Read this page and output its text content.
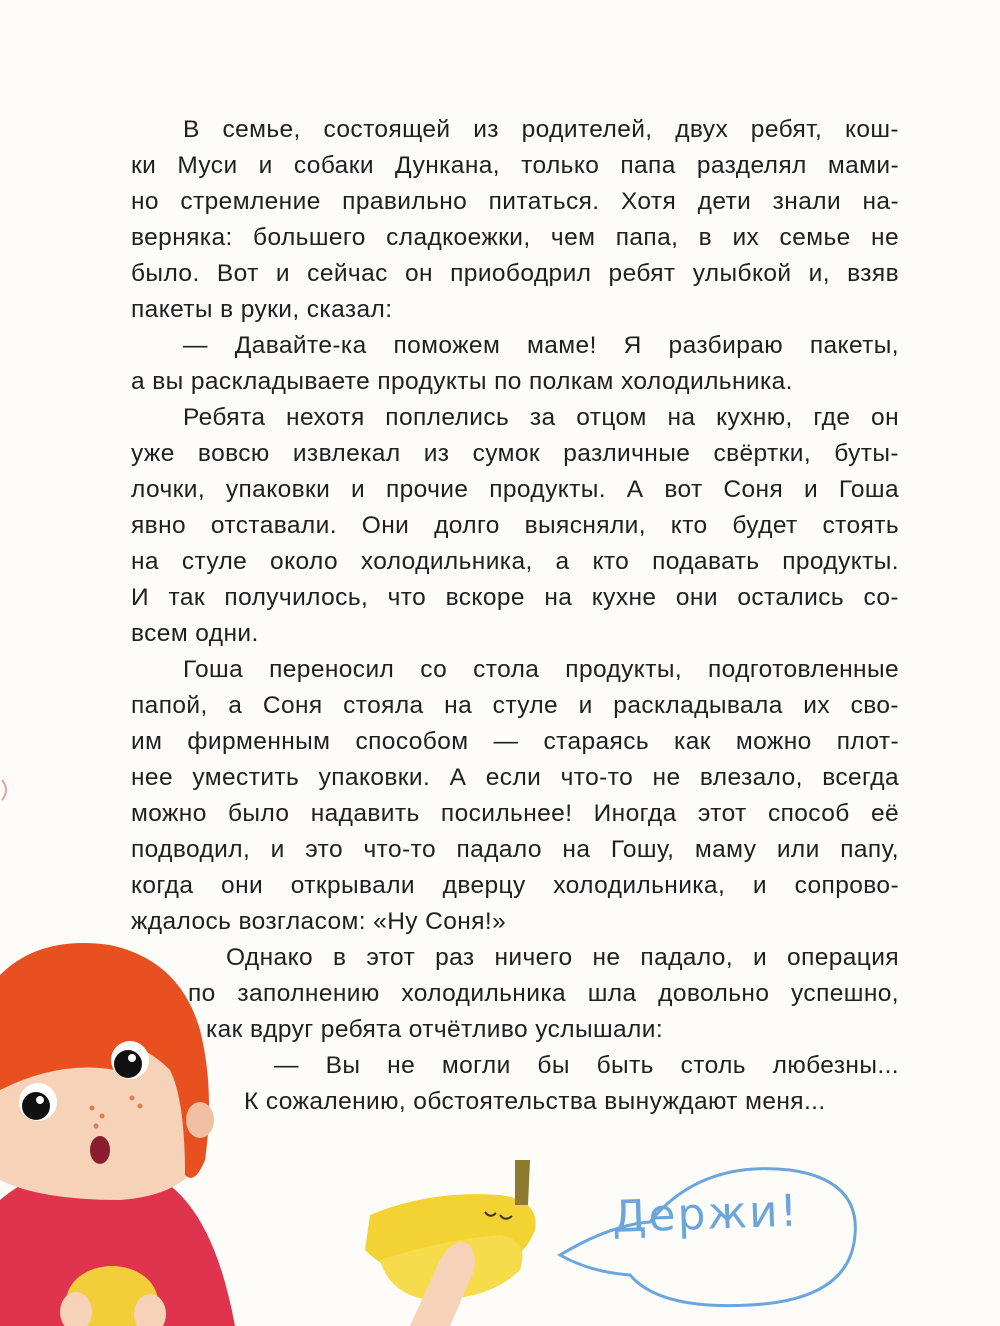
Держи!
В семье, состоящей из родителей, двух ребят, кош-
ки Муси и собаки Дункана, только папа разделял мами-
но стремление правильно питаться. Хотя дети знали на-
верняка: большего сладкоежки, чем папа, в их семье не
было. Вот и сейчас он приободрил ребят улыбкой и, взяв
пакеты в руки, сказал:
— Давайте-ка поможем маме! Я разбираю пакеты,
а вы раскладываете продукты по полкам холодильника.
Ребята нехотя поплелись за отцом на кухню, где он
уже вовсю извлекал из сумок различные свёртки, буты-
лочки, упаковки и прочие продукты. А вот Соня и Гоша
явно отставали. Они долго выясняли, кто будет стоять
на стуле около холодильника, а кто подавать продукты.
И так получилось, что вскоре на кухне они остались со-
всем одни.
Гоша переносил со стола продукты, подготовленные
папой, а Соня стояла на стуле и раскладывала их сво-
им фирменным способом — стараясь как можно плот-
нее уместить упаковки. А если что-то не влезало, всегда
можно было надавить посильнее! Иногда этот способ её
подводил, и это что-то падало на Гошу, маму или папу,
когда они открывали дверцу холодильника, и сопрово-
ждалось возгласом: «Ну Соня!»
Однако в этот раз ничего не падало, и операция
по заполнению холодильника шла довольно успешно,
как вдруг ребята отчётливо услышали:
— Вы не могли бы быть столь любезны...
К сожалению, обстоятельства вынуждают меня...
